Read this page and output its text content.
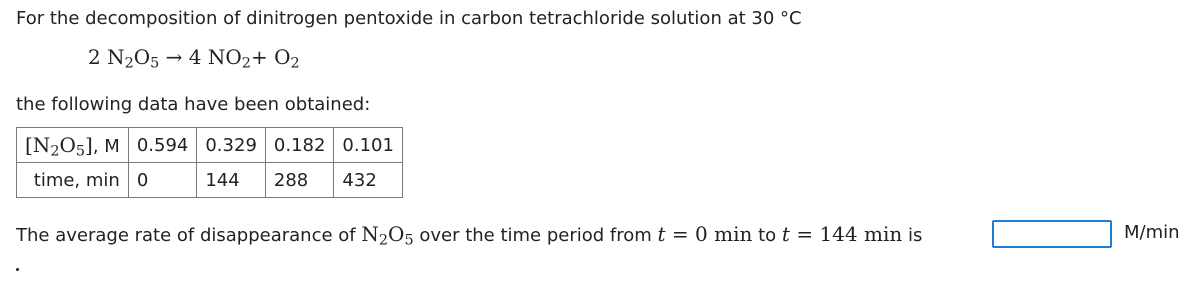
For the decomposition of dinitrogen pentoxide in carbon tetrachloride solution at 30 °C
2 $N_2O_5 \to 4$ $NO_2+ O_2$
the following data have been obtained:
$[N_2O_5]$, M	0.594	0.329	0.182	0.101
time, min	0	144	288	432
The average rate of disappearance of $N_2O_5$ over the time period from t = 0 min to t = 144 min is	M/min
